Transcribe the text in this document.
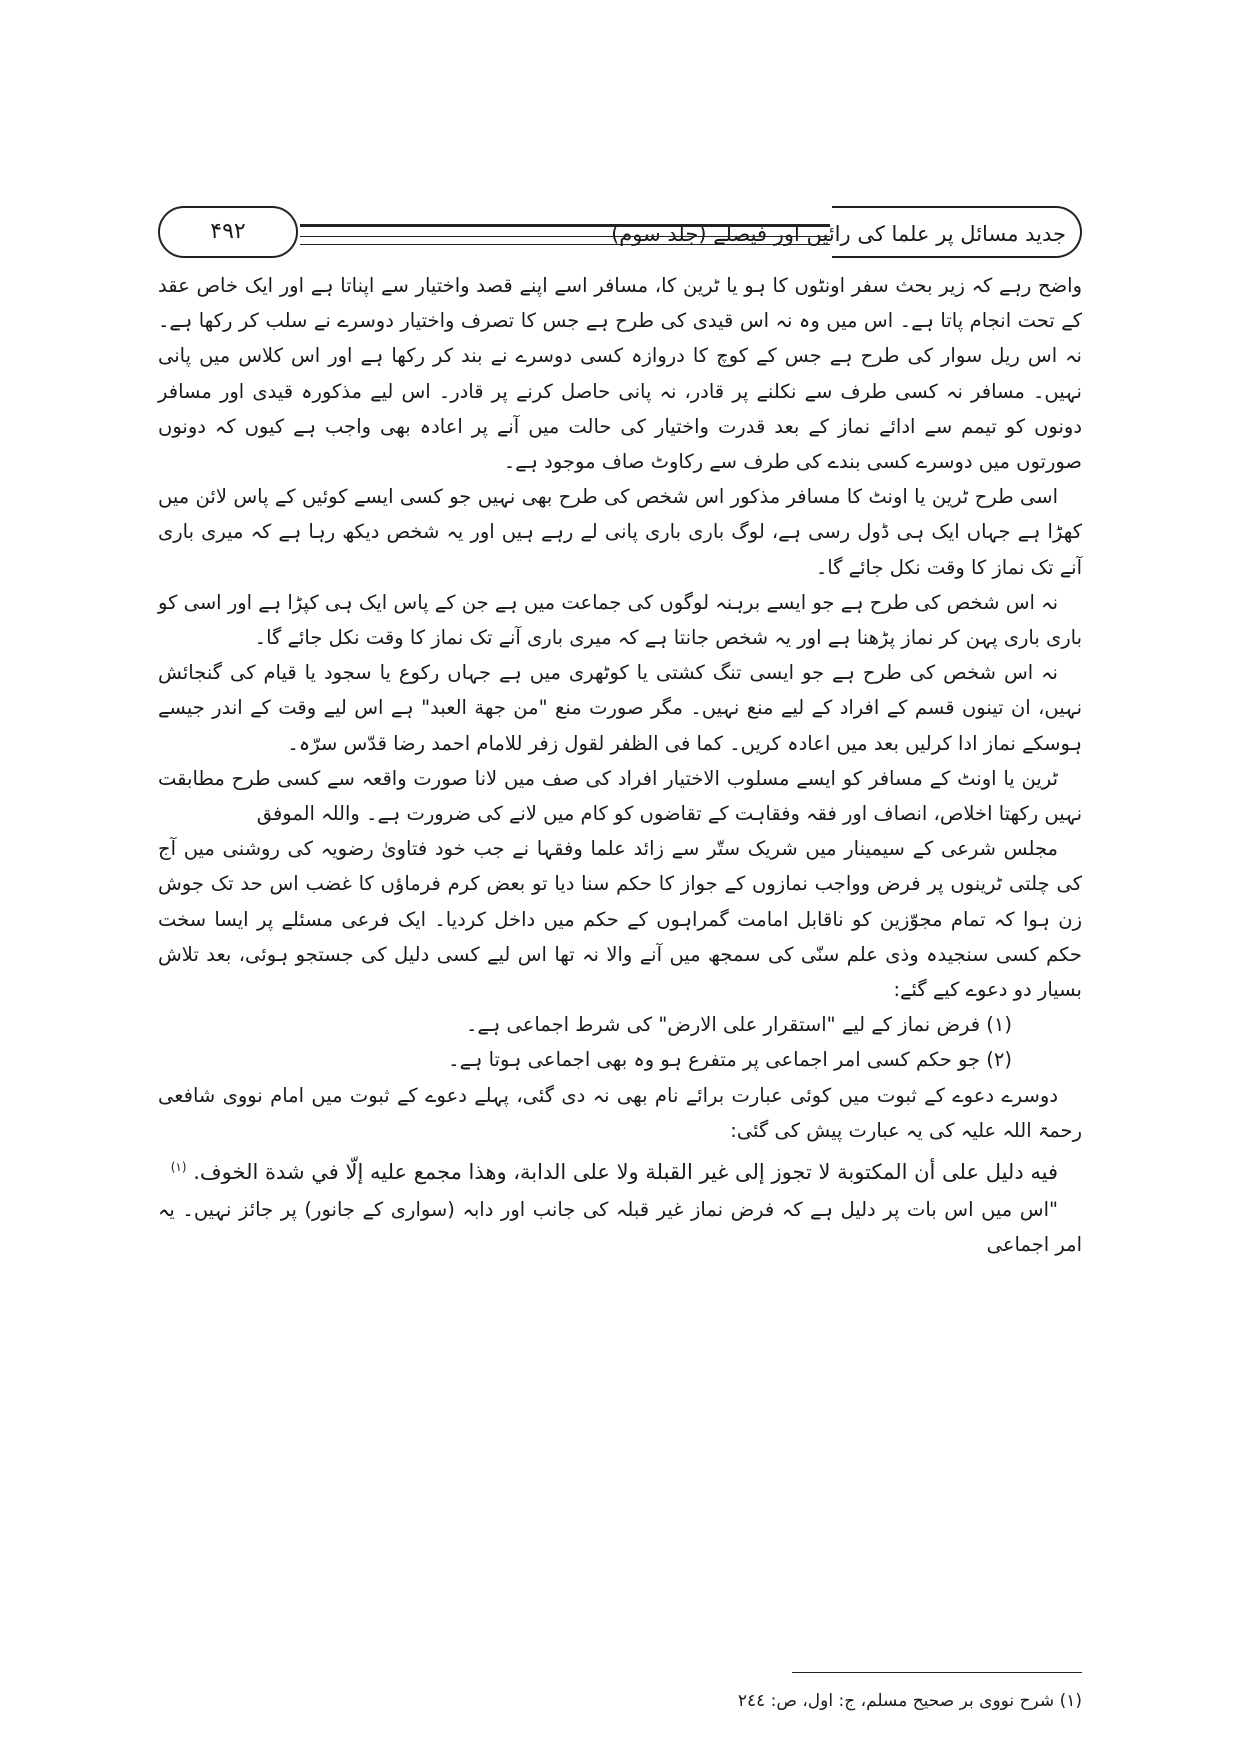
جدید مسائل پر علما کی رائیں اور فیصلے (جلد سوم)
۴۹۲

واضح رہے کہ زیر بحث سفر اونٹوں کا ہو یا ٹرین کا، مسافر اسے اپنے قصد واختیار سے اپناتا ہے اور ایک خاص عقد کے تحت انجام پاتا ہے۔ اس میں وہ نہ اس قیدی کی طرح ہے جس کا تصرف واختیار دوسرے نے سلب کر رکھا ہے۔ نہ اس ریل سوار کی طرح ہے جس کے کوچ کا دروازہ کسی دوسرے نے بند کر رکھا ہے اور اس کلاس میں پانی نہیں۔ مسافر نہ کسی طرف سے نکلنے پر قادر، نہ پانی حاصل کرنے پر قادر۔ اس لیے مذکورہ قیدی اور مسافر دونوں کو تیمم سے ادائے نماز کے بعد قدرت واختیار کی حالت میں آنے پر اعادہ بھی واجب ہے کیوں کہ دونوں صورتوں میں دوسرے کسی بندے کی طرف سے رکاوٹ صاف موجود ہے۔

اسی طرح ٹرین یا اونٹ کا مسافر مذکور اس شخص کی طرح بھی نہیں جو کسی ایسے کوئیں کے پاس لائن میں کھڑا ہے جہاں ایک ہی ڈول رسی ہے، لوگ باری باری پانی لے رہے ہیں اور یہ شخص دیکھ رہا ہے کہ میری باری آنے تک نماز کا وقت نکل جائے گا۔

نہ اس شخص کی طرح ہے جو ایسے برہنہ لوگوں کی جماعت میں ہے جن کے پاس ایک ہی کپڑا ہے اور اسی کو باری باری پہن کر نماز پڑھنا ہے اور یہ شخص جانتا ہے کہ میری باری آنے تک نماز کا وقت نکل جائے گا۔

نہ اس شخص کی طرح ہے جو ایسی تنگ کشتی یا کوٹھری میں ہے جہاں رکوع یا سجود یا قیام کی گنجائش نہیں، ان تینوں قسم کے افراد کے لیے منع نہیں۔ مگر صورت منع "من جهة العبد" ہے اس لیے وقت کے اندر جیسے ہوسکے نماز ادا کرلیں بعد میں اعادہ کریں۔ کما فی الظفر لقول زفر للامام احمد رضا قدّس سرّہ۔

ٹرین یا اونٹ کے مسافر کو ایسے مسلوب الاختیار افراد کی صف میں لانا صورت واقعہ سے کسی طرح مطابقت نہیں رکھتا اخلاص، انصاف اور فقہ وفقاہت کے تقاضوں کو کام میں لانے کی ضرورت ہے۔ واللہ الموفق

مجلس شرعی کے سیمینار میں شریک ستّر سے زائد علما وفقہا نے جب خود فتاویٰ رضویہ کی روشنی میں آج کی چلتی ٹرینوں پر فرض وواجب نمازوں کے جواز کا حکم سنا دیا تو بعض کرم فرماؤں کا غضب اس حد تک جوش زن ہوا کہ تمام مجوّزین کو ناقابل امامت گمراہوں کے حکم میں داخل کردیا۔ ایک فرعی مسئلے پر ایسا سخت حکم کسی سنجیدہ وذی علم سنّی کی سمجھ میں آنے والا نہ تھا اس لیے کسی دلیل کی جستجو ہوئی، بعد تلاش بسیار دو دعوے کیے گئے:

(۱) فرض نماز کے لیے "استقرار علی الارض" کی شرط اجماعی ہے۔

(۲) جو حکم کسی امر اجماعی پر متفرع ہو وہ بھی اجماعی ہوتا ہے۔

دوسرے دعوے کے ثبوت میں کوئی عبارت برائے نام بھی نہ دی گئی، پہلے دعوے کے ثبوت میں امام نووی شافعی رحمۃ اللہ علیہ کی یہ عبارت پیش کی گئی:

فيه دليل على أن المكتوبة لا تجوز إلى غير القبلة ولا على الدابة، وهذا مجمع عليه إلّا في شدة الخوف. $^{(۱)}$

"اس میں اس بات پر دلیل ہے کہ فرض نماز غیر قبلہ کی جانب اور دابہ (سواری کے جانور) پر جائز نہیں۔ یہ امر اجماعی

(۱) شرح نووی بر صحیح مسلم، ج: اول، ص: ۲٤٤
